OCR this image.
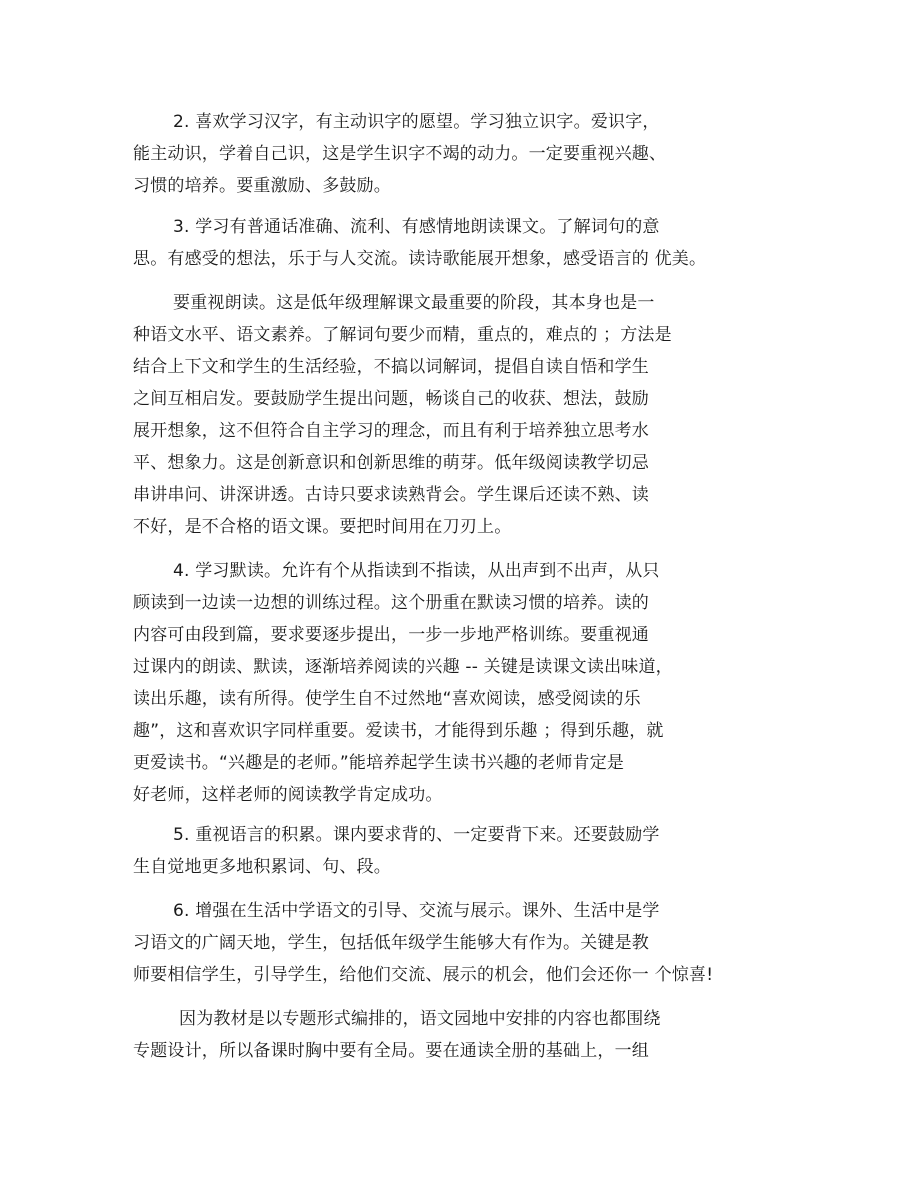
2. 喜欢学习汉字，有主动识字的愿望。学习独立识字。爱识字，
能主动识，学着自己识，这是学生识字不竭的动力。一定要重视兴趣、
习惯的培养。要重激励、多鼓励。
3. 学习有普通话准确、流利、有感情地朗读课文。了解词句的意
思。有感受的想法，乐于与人交流。读诗歌能展开想象，感受语言的 优美。
要重视朗读。这是低年级理解课文最重要的阶段，其本身也是一
种语文水平、语文素养。了解词句要少而精，重点的，难点的 ；方法是
结合上下文和学生的生活经验，不搞以词解词，提倡自读自悟和学生
之间互相启发。要鼓励学生提出问题，畅谈自己的收获、想法，鼓励
展开想象，这不但符合自主学习的理念，而且有利于培养独立思考水
平、想象力。这是创新意识和创新思维的萌芽。低年级阅读教学切忌
串讲串问、讲深讲透。古诗只要求读熟背会。学生课后还读不熟、读
不好，是不合格的语文课。要把时间用在刀刃上。
4. 学习默读。允许有个从指读到不指读，从出声到不出声，从只
顾读到一边读一边想的训练过程。这个册重在默读习惯的培养。读的
内容可由段到篇，要求要逐步提出，一步一步地严格训练。要重视通
过课内的朗读、默读，逐渐培养阅读的兴趣 -- 关键是读课文读出味道，
读出乐趣，读有所得。使学生自不过然地“喜欢阅读，感受阅读的乐
趣”，这和喜欢识字同样重要。爱读书，才能得到乐趣 ；得到乐趣，就
更爱读书。“兴趣是的老师。”能培养起学生读书兴趣的老师肯定是
好老师，这样老师的阅读教学肯定成功。
5. 重视语言的积累。课内要求背的、一定要背下来。还要鼓励学
生自觉地更多地积累词、句、段。
6. 增强在生活中学语文的引导、交流与展示。课外、生活中是学
习语文的广阔天地，学生，包括低年级学生能够大有作为。关键是教
师要相信学生，引导学生，给他们交流、展示的机会，他们会还你一 个惊喜!
因为教材是以专题形式编排的，语文园地中安排的内容也都围绕
专题设计，所以备课时胸中要有全局。要在通读全册的基础上，一组
